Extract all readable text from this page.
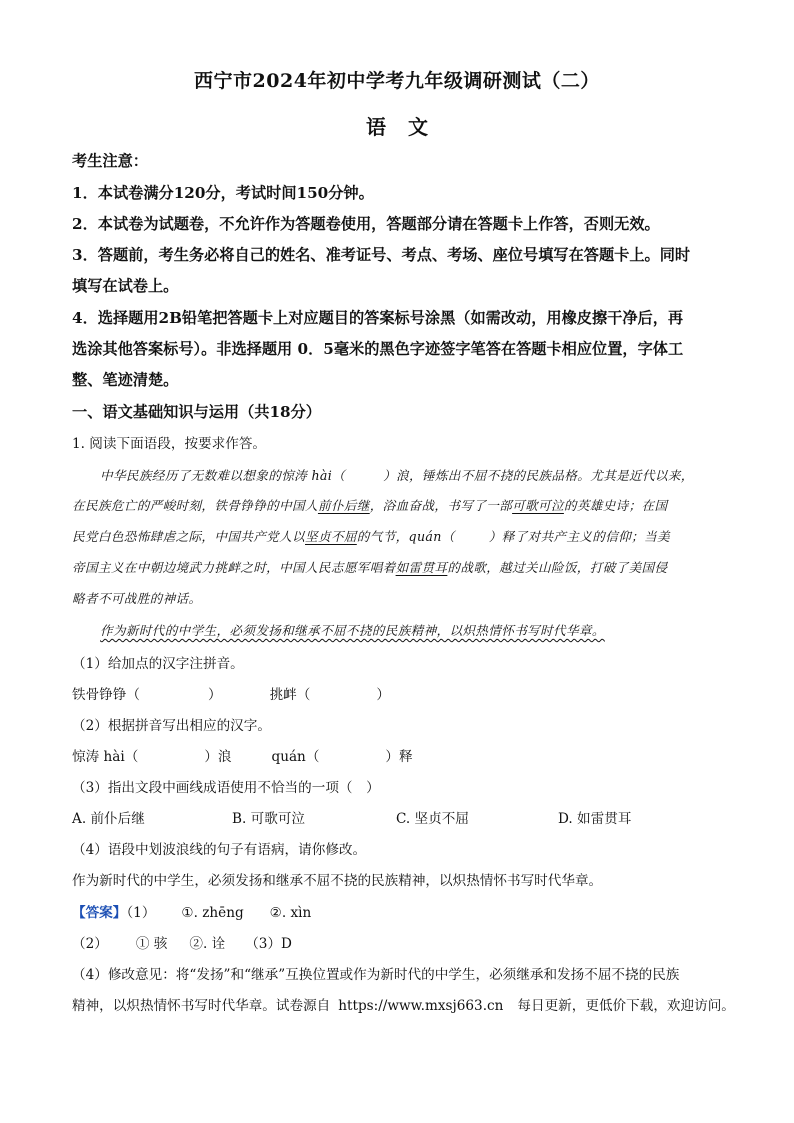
西宁市2024年初中学考九年级调研测试（二）
语文
考生注意：
1．本试卷满分120分，考试时间150分钟。
2．本试卷为试题卷，不允许作为答题卷使用，答题部分请在答题卡上作答，否则无效。
3．答题前，考生务必将自己的姓名、准考证号、考点、考场、座位号填写在答题卡上。同时
填写在试卷上。
4．选择题用2B铅笔把答题卡上对应题目的答案标号涂黑（如需改动，用橡皮擦干净后，再
选涂其他答案标号）。非选择题用 0．5毫米的黑色字迹签字笔答在答题卡相应位置，字体工
整、笔迹清楚。
一、语文基础知识与运用（共18分）
1. 阅读下面语段，按要求作答。
中华民族经历了无数难以想象的惊涛 hài（	）浪，锤炼出不屈不挠的民族品格。尤其是近代以来，
在民族危亡的严峻时刻，铁骨铮铮的中国人前仆后继，浴血奋战，书写了一部可歌可泣的英雄史诗；在国
民党白色恐怖肆虐之际，中国共产党人以坚贞不屈的气节，quán（	）释了对共产主义的信仰；当美
帝国主义在中朝边境武力挑衅之时，中国人民志愿军唱着如雷贯耳的战歌，越过关山险饭，打破了美国侵
略者不可战胜的神话。
作为新时代的中学生，必须发扬和继承不屈不挠的民族精神，以炽热情怀书写时代华章。
（1）给加点的汉字注拼音。
铁骨铮铮（	）	挑衅（	）
（2）根据拼音写出相应的汉字。
惊涛 hài（	）浪	quán（	）释
（3）指出文段中画线成语使用不恰当的一项（　）
A. 前仆后继	B. 可歌可泣	C. 坚贞不屈	D. 如雷贯耳
（4）语段中划波浪线的句子有语病，请你修改。
作为新时代的中学生，必须发扬和继承不屈不挠的民族精神，以炽热情怀书写时代华章。
【答案】（1） ①. zhēng ②. xìn
（2） ① 骇 ②. 诠 （3）D
（4）修改意见：将“发扬”和“继承”互换位置或作为新时代的中学生，必须继承和发扬不屈不挠的民族
精神，以炽热情怀书写时代华章。试卷源自 https://www.mxsj663.cn 每日更新，更低价下载，欢迎访问。
